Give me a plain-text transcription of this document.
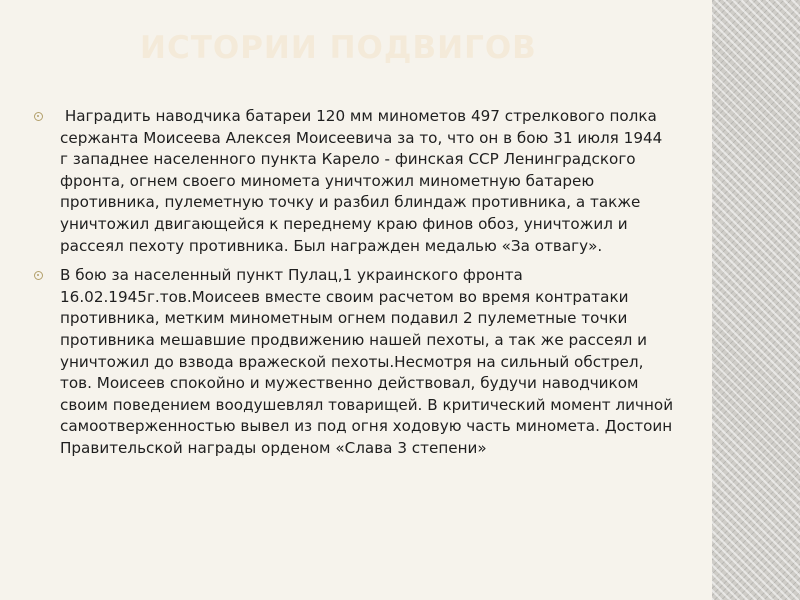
ИСТОРИИ ПОДВИГОВ

Наградить наводчика батареи 120 мм минометов 497 стрелкового полка сержанта Моисеева Алексея Моисеевича за то, что он в бою 31 июля 1944 г западнее населенного пункта Карело - финская ССР Ленинградского фронта, огнем своего минометa уничтожил минометную батарею противника, пулеметную точку и разбил блиндаж противника, а также уничтожил двигающейся к переднему краю финов обоз, уничтожил и рассеял пехоту противника. Был награжден медалью «За отвагу».

В бою за населенный пункт Пулац,1 украинского фронта 16.02.1945г.тов.Моисеев вместе своим расчетом во время контратаки противника, метким минометным огнем подавил 2 пулеметные точки противника мешавшие продвижению нашей пехоты, а так же рассеял и уничтожил до взвода вражеской пехоты.Несмотря на сильный обстрел, тов. Моисеев спокойно и мужественно действовал, будучи наводчиком своим поведением воодушевлял товарищей. В критический момент личной самоотверженностью вывел из под огня ходовую часть миномета. Достоин  Правительской награды орденом «Слава 3 степени»
